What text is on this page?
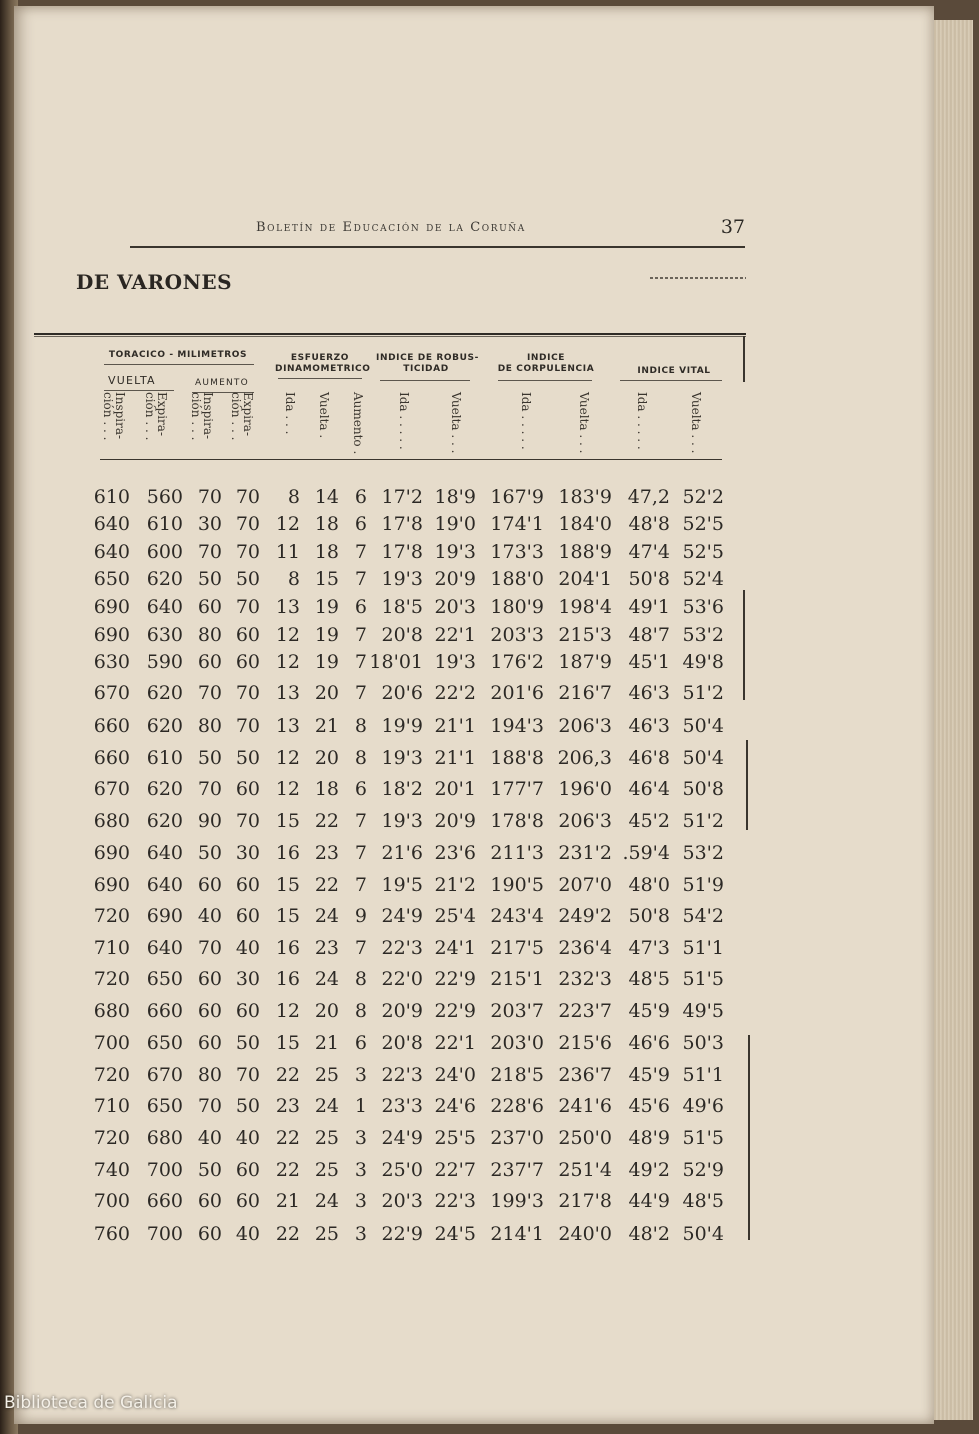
Boletín de Educación de la Coruña	37
DE VARONES
TORACICO - MILIMETROS
VUELTA	AUMENTO
ESFUERZO
DINAMOMETRICO
INDICE DE ROBUS-
TICIDAD
INDICE
DE CORPULENCIA	INDICE VITAL
Inspira-
ción . . .
Expira-
ción . . .	Inspira-
ción . . .
Expira-
ción . . .
Ida . . .	Vuelta .	Aumento .	Ida . . . . .	Vuelta . . .	Ida . . . . .	Vuelta . . .	Ida . . . . .	Vuelta . . .
610 560 70 70 8 14 6 17'2 18'9 167'9 183'9 47,2 52'2
640 610 30 70 12 18 6 17'8 19'0 174'1 184'0 48'8 52'5
640 600 70 70 11 18 7 17'8 19'3 173'3 188'9 47'4 52'5
650 620 50 50 8 15 7 19'3 20'9 188'0 204'1 50'8 52'4
690 640 60 70 13 19 6 18'5 20'3 180'9 198'4 49'1 53'6
690 630 80 60 12 19 7 20'8 22'1 203'3 215'3 48'7 53'2
630 590 60 60 12 19 7 18'01 19'3 176'2 187'9 45'1 49'8
670 620 70 70 13 20 7 20'6 22'2 201'6 216'7 46'3 51'2
660 620 80 70 13 21 8 19'9 21'1 194'3 206'3 46'3 50'4
660 610 50 50 12 20 8 19'3 21'1 188'8 206,3 46'8 50'4
670 620 70 60 12 18 6 18'2 20'1 177'7 196'0 46'4 50'8
680 620 90 70 15 22 7 19'3 20'9 178'8 206'3 45'2 51'2
690 640 50 30 16 23 7 21'6 23'6 211'3 231'2 .59'4 53'2
690 640 60 60 15 22 7 19'5 21'2 190'5 207'0 48'0 51'9
720 690 40 60 15 24 9 24'9 25'4 243'4 249'2 50'8 54'2
710 640 70 40 16 23 7 22'3 24'1 217'5 236'4 47'3 51'1
720 650 60 30 16 24 8 22'0 22'9 215'1 232'3 48'5 51'5
680 660 60 60 12 20 8 20'9 22'9 203'7 223'7 45'9 49'5
700 650 60 50 15 21 6 20'8 22'1 203'0 215'6 46'6 50'3
720 670 80 70 22 25 3 22'3 24'0 218'5 236'7 45'9 51'1
710 650 70 50 23 24 1 23'3 24'6 228'6 241'6 45'6 49'6
720 680 40 40 22 25 3 24'9 25'5 237'0 250'0 48'9 51'5
740 700 50 60 22 25 3 25'0 22'7 237'7 251'4 49'2 52'9
700 660 60 60 21 24 3 20'3 22'3 199'3 217'8 44'9 48'5
760 700 60 40 22 25 3 22'9 24'5 214'1 240'0 48'2 50'4
Biblioteca de Galicia
